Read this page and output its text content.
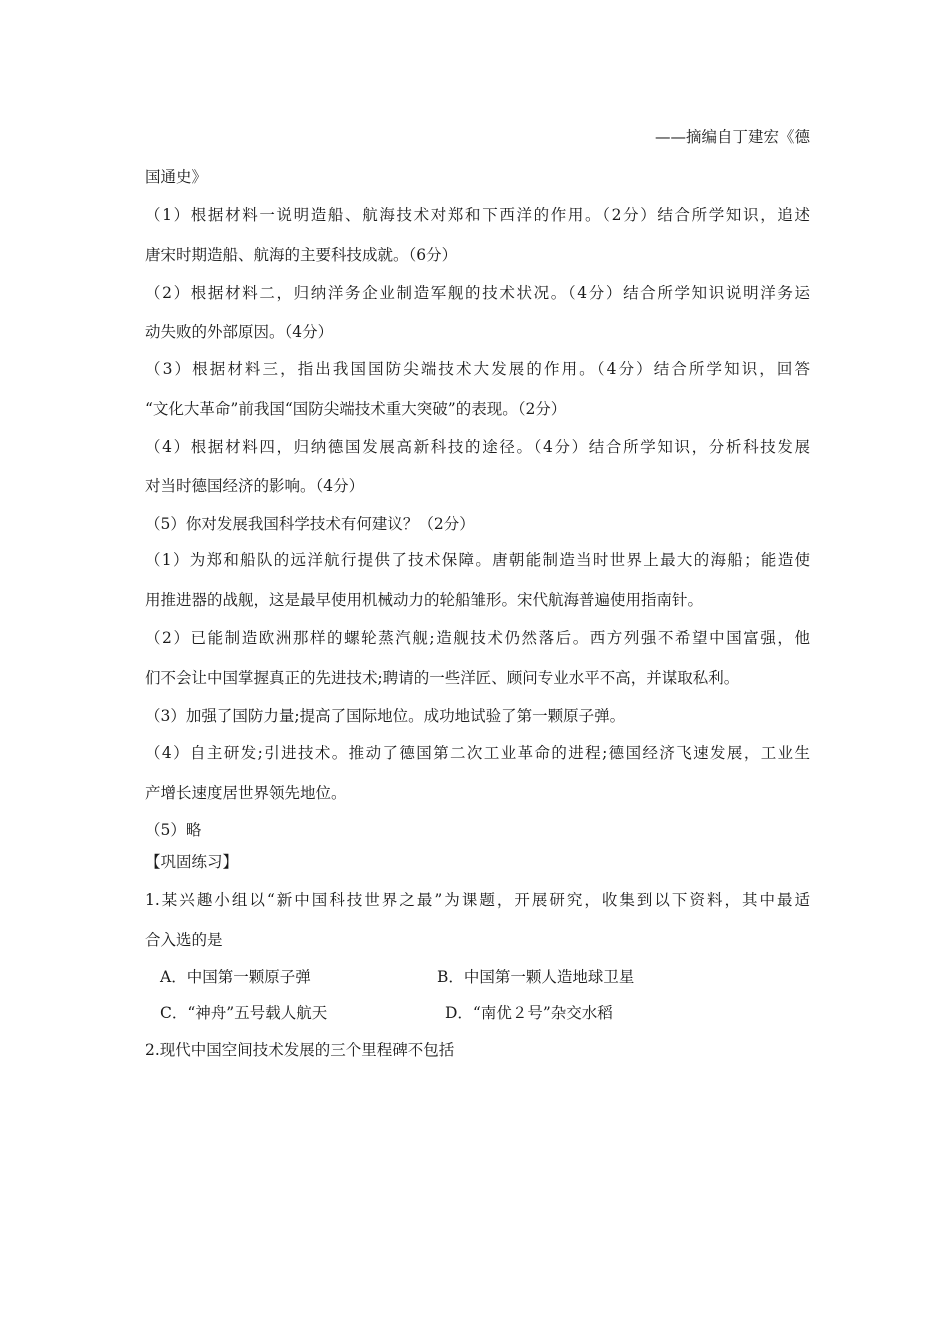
——摘编自丁建宏《德
国通史》
（1）根据材料一说明造船、航海技术对郑和下西洋的作用。（2分）结合所学知识，追述
唐宋时期造船、航海的主要科技成就。（6分）
（2）根据材料二，归纳洋务企业制造军舰的技术状况。（4分）结合所学知识说明洋务运
动失败的外部原因。（4分）
（3）根据材料三，指出我国国防尖端技术大发展的作用。（4分）结合所学知识，回答
“文化大革命”前我国“国防尖端技术重大突破”的表现。（2分）
（4）根据材料四，归纳德国发展高新科技的途径。（4分）结合所学知识，分析科技发展
对当时德国经济的影响。（4分）
（5）你对发展我国科学技术有何建议？（2分）
（1）为郑和船队的远洋航行提供了技术保障。唐朝能制造当时世界上最大的海船；能造使
用推进器的战舰，这是最早使用机械动力的轮船雏形。宋代航海普遍使用指南针。
（2）已能制造欧洲那样的螺轮蒸汽舰;造舰技术仍然落后。西方列强不希望中国富强，他
们不会让中国掌握真正的先进技术;聘请的一些洋匠、顾问专业水平不高，并谋取私利。
（3）加强了国防力量;提高了国际地位。成功地试验了第一颗原子弹。
（4）自主研发;引进技术。推动了德国第二次工业革命的进程;德国经济飞速发展，工业生
产增长速度居世界领先地位。
（5）略
【巩固练习】
1.某兴趣小组以“新中国科技世界之最”为课题，开展研究，收集到以下资料，其中最适
合入选的是
A．中国第一颗原子弹	B．中国第一颗人造地球卫星
C．“神舟”五号载人航天	D．“南优２号”杂交水稻
2.现代中国空间技术发展的三个里程碑不包括
